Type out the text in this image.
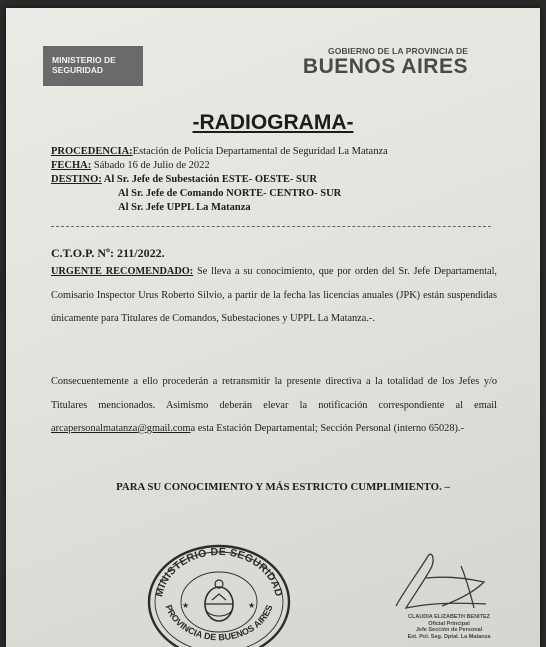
MINISTERIO DE
SEGURIDAD
GOBIERNO DE LA PROVINCIA DE
BUENOS AIRES
-RADIOGRAMA-
PROCEDENCIA:Estación de Policía Departamental de Seguridad La Matanza
FECHA: Sábado 16 de Julio de 2022
DESTINO: Al Sr. Jefe de Subestación ESTE- OESTE- SUR
Al Sr. Jefe de Comando NORTE- CENTRO- SUR
Al Sr. Jefe UPPL La Matanza
C.T.O.P. Nº: 211/2022.
URGENTE RECOMENDADO: Se lleva a su conocimiento, que por orden del Sr. Jefe Departamental, Comisario Inspector Urus Roberto Silvio, a partir de la fecha las licencias anuales (JPK) están suspendidas únicamente para Titulares de Comandos, Subestaciones y UPPL La Matanza.-.
Consecuentemente a ello procederán a retransmitir la presente directiva a la totalidad de los Jefes y/o Titulares mencionados. Asimismo deberán elevar la notificación correspondiente al email arcapersonalmatanza@gmail.coma esta Estación Departamental; Sección Personal (interno 65028).-
PARA SU CONOCIMIENTO Y MÁS ESTRICTO CUMPLIMIENTO. –
MINISTERIO DE SEGURIDAD
PROVINCIA DE BUENOS AIRES
★	★
CLAUDIA ELIZABETH BENITEZ
Oficial Principal
Jefe Sección de Personal
Est. Pol. Seg. Dptal. La Matanza
